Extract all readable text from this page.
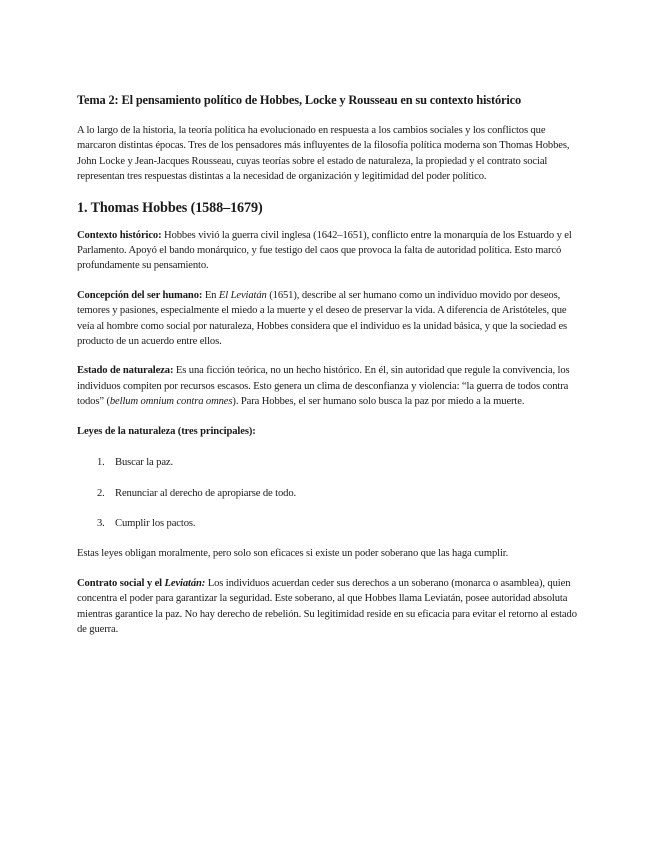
Tema 2: El pensamiento político de Hobbes, Locke y Rousseau en su contexto histórico

A lo largo de la historia, la teoría política ha evolucionado en respuesta a los cambios sociales y los conflictos que marcaron distintas épocas. Tres de los pensadores más influyentes de la filosofía política moderna son Thomas Hobbes, John Locke y Jean-Jacques Rousseau, cuyas teorías sobre el estado de naturaleza, la propiedad y el contrato social representan tres respuestas distintas a la necesidad de organización y legitimidad del poder político.

1. Thomas Hobbes (1588–1679)

Contexto histórico: Hobbes vivió la guerra civil inglesa (1642–1651), conflicto entre la monarquía de los Estuardo y el Parlamento. Apoyó el bando monárquico, y fue testigo del caos que provoca la falta de autoridad política. Esto marcó profundamente su pensamiento.

Concepción del ser humano: En El Leviatán (1651), describe al ser humano como un individuo movido por deseos, temores y pasiones, especialmente el miedo a la muerte y el deseo de preservar la vida. A diferencia de Aristóteles, que veía al hombre como social por naturaleza, Hobbes considera que el individuo es la unidad básica, y que la sociedad es producto de un acuerdo entre ellos.

Estado de naturaleza: Es una ficción teórica, no un hecho histórico. En él, sin autoridad que regule la convivencia, los individuos compiten por recursos escasos. Esto genera un clima de desconfianza y violencia: “la guerra de todos contra todos” (bellum omnium contra omnes). Para Hobbes, el ser humano solo busca la paz por miedo a la muerte.

Leyes de la naturaleza (tres principales):

1. Buscar la paz.
2. Renunciar al derecho de apropiarse de todo.
3. Cumplir los pactos.

Estas leyes obligan moralmente, pero solo son eficaces si existe un poder soberano que las haga cumplir.

Contrato social y el Leviatán: Los individuos acuerdan ceder sus derechos a un soberano (monarca o asamblea), quien concentra el poder para garantizar la seguridad. Este soberano, al que Hobbes llama Leviatán, posee autoridad absoluta mientras garantice la paz. No hay derecho de rebelión. Su legitimidad reside en su eficacia para evitar el retorno al estado de guerra.
